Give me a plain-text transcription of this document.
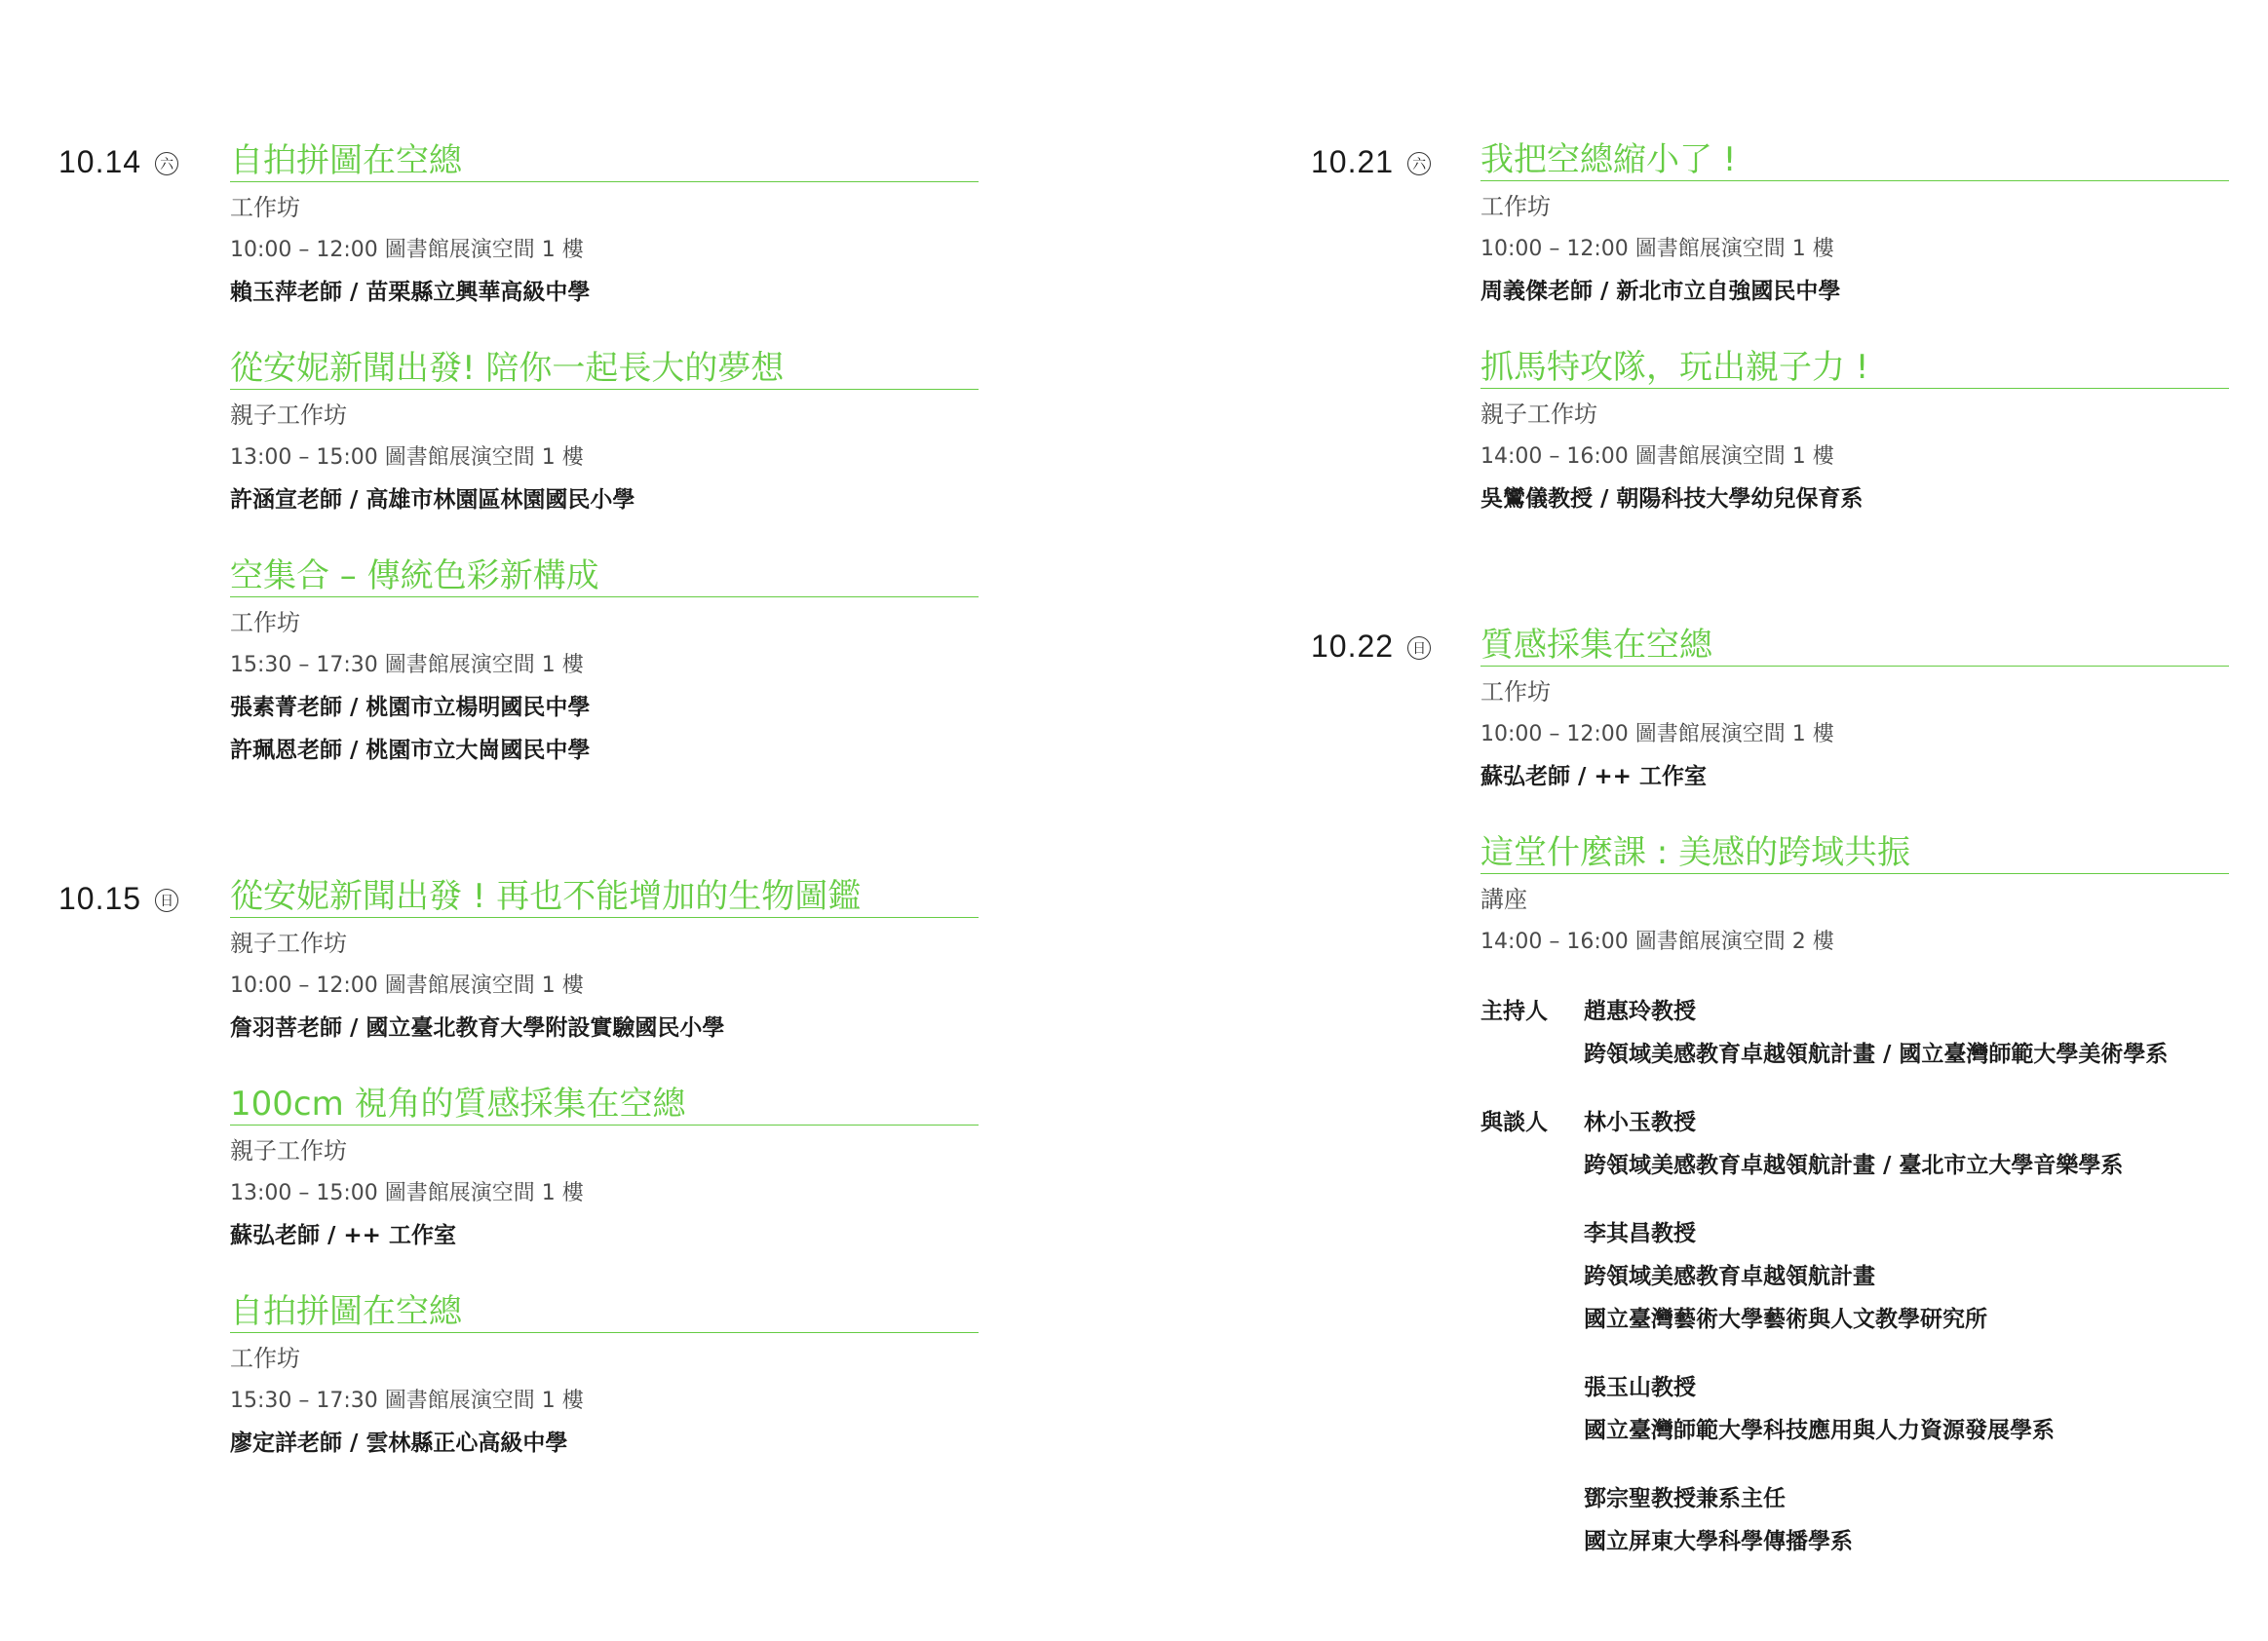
10.14 六 自拍拼圖在空總
工作坊
10:00 – 12:00 圖書館展演空間 1 樓
賴玉萍老師 / 苗栗縣立興華高級中學
從安妮新聞出發! 陪你一起長大的夢想
親子工作坊
13:00 – 15:00 圖書館展演空間 1 樓
許涵宣老師 / 高雄市林園區林園國民小學
空集合 – 傳統色彩新構成
工作坊
15:30 – 17:30 圖書館展演空間 1 樓
張素菁老師 / 桃園市立楊明國民中學
許珮恩老師 / 桃園市立大崗國民中學
10.15 日 從安妮新聞出發 ! 再也不能增加的生物圖鑑
親子工作坊
10:00 – 12:00 圖書館展演空間 1 樓
詹羽菩老師 / 國立臺北教育大學附設實驗國民小學
100cm 視角的質感採集在空總
親子工作坊
13:00 – 15:00 圖書館展演空間 1 樓
蘇弘老師 / ++ 工作室
自拍拼圖在空總
工作坊
15:30 – 17:30 圖書館展演空間 1 樓
廖定詳老師 / 雲林縣正心高級中學
10.21 六 我把空總縮小了 !
工作坊
10:00 – 12:00 圖書館展演空間 1 樓
周義傑老師 / 新北市立自強國民中學
抓馬特攻隊，玩出親子力 !
親子工作坊
14:00 – 16:00 圖書館展演空間 1 樓
吳鸞儀教授 / 朝陽科技大學幼兒保育系
10.22 日 質感採集在空總
工作坊
10:00 – 12:00 圖書館展演空間 1 樓
蘇弘老師 / ++ 工作室
這堂什麼課 : 美感的跨域共振
講座
14:00 – 16:00 圖書館展演空間 2 樓
主持人	趙惠玲教授
跨領域美感教育卓越領航計畫 / 國立臺灣師範大學美術學系
與談人	林小玉教授
跨領域美感教育卓越領航計畫 / 臺北市立大學音樂學系
李其昌教授
跨領域美感教育卓越領航計畫
國立臺灣藝術大學藝術與人文教學研究所
張玉山教授
國立臺灣師範大學科技應用與人力資源發展學系
鄧宗聖教授兼系主任
國立屏東大學科學傳播學系
